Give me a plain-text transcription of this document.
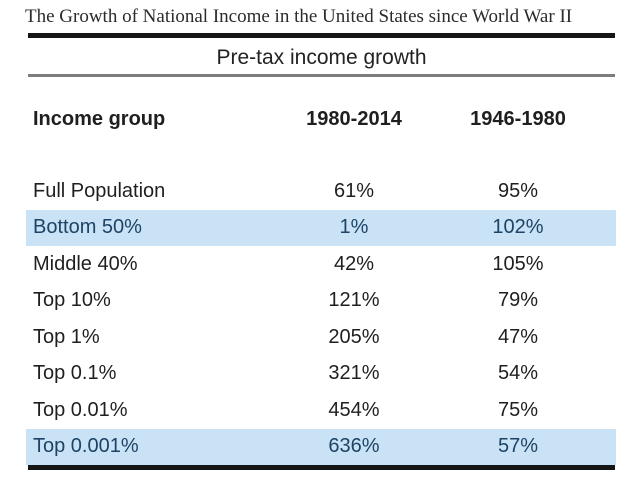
The Growth of National Income in the United States since World War II
Pre-tax income growth
Income group	1980-2014	1946-1980
Full Population	61%	95%
Bottom 50%	1%	102%
Middle 40%	42%	105%
Top 10%	121%	79%
Top 1%	205%	47%
Top 0.1%	321%	54%
Top 0.01%	454%	75%
Top 0.001%	636%	57%
